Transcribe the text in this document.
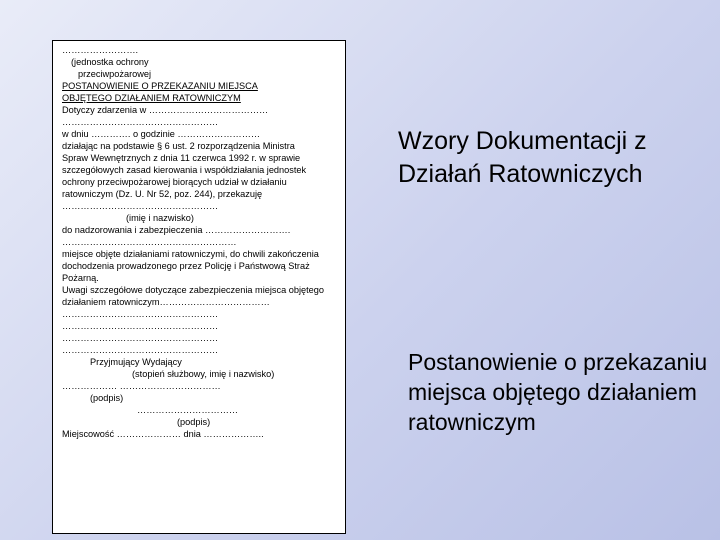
…………………….
(jednostka ochrony
przeciwpożarowej
POSTANOWIENIE O PRZEKAZANIU MIEJSCA
OBJĘTEGO DZIAŁANIEM RATOWNICZYM
Dotyczy zdarzenia w …………………………………
……………………………………………
w dniu …………. o godzinie ………………………
działając na podstawie § 6 ust. 2 rozporządzenia Ministra
Spraw Wewnętrznych z dnia 11 czerwca 1992 r. w sprawie
szczegółowych zasad kierowania i współdziałania jednostek
ochrony przeciwpożarowej biorących udział w działaniu
ratowniczym (Dz. U. Nr 52, poz. 244), przekazuję
……………………………………………
(imię i nazwisko)
do nadzorowania i zabezpieczenia ……………………….
…………………………………………………
miejsce objęte działaniami ratowniczymi, do chwili zakończenia
dochodzenia prowadzonego przez Policję i Państwową Straż
Pożarną.
Uwagi szczegółowe dotyczące zabezpieczenia miejsca objętego
działaniem ratowniczym………………………………
……………………………………………
……………………………………………
……………………………………………
……………………………………………
Przyjmujący Wydający
(stopień służbowy, imię i nazwisko)
……………… ……………………………
(podpis)
……………………………
(podpis)
Miejscowość ………………… dnia ………………..
Wzory Dokumentacji z Działań Ratowniczych
Postanowienie o przekazaniu miejsca objętego działaniem ratowniczym
